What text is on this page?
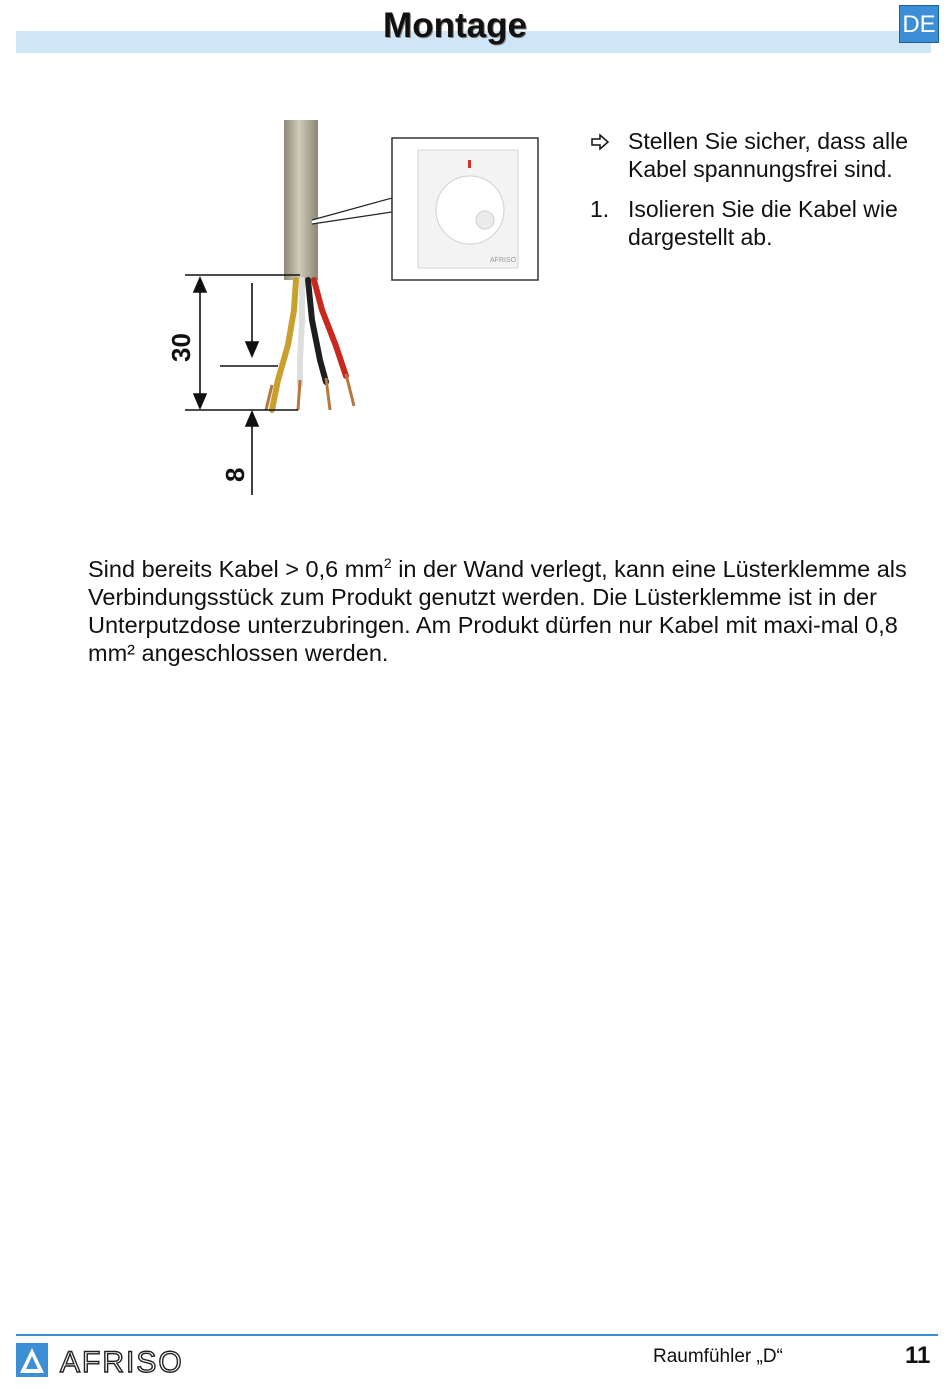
Montage	DE
AFRISO
30
8
Stellen Sie sicher, dass alle Kabel spannungsfrei sind.
1. Isolieren Sie die Kabel wie dargestellt ab.
Sind bereits Kabel > 0,6 $mm^2$ in der Wand verlegt, kann eine Lüsterklemme als Verbindungsstück zum Produkt genutzt werden. Die Lüsterklemme ist in der Unterputzdose unterzubringen. Am Produkt dürfen nur Kabel mit maxi-mal 0,8 mm² angeschlossen werden.
AFRISO	Raumfühler „D“	11
